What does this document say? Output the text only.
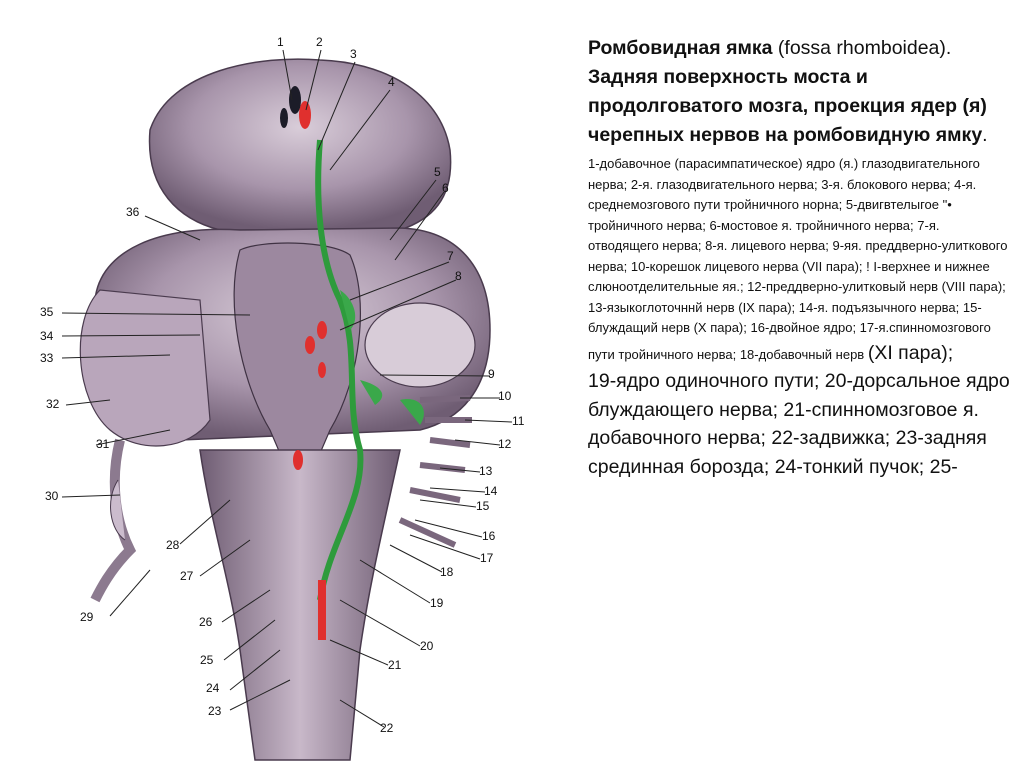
1	2
3
4
5
6
7
8
9
10
11
12
13
14
15
16
17
18
19
20
21
22
23
24
25
26
27
28
29
30
31
32
33
34
35
36

Ромбовидная ямка (fossa rhomboidea). Задняя поверхность моста и продолговатого мозга, проекция ядер (я)
черепных нервов на ромбовидную ямку.

1-добавочное (парасимпатическое) ядро (я.) глазодвигательного нерва; 2-я. глазодвигательного нерва; 3-я. блокового нерва; 4-я. среднемозгового пути тройничного норна; 5-двигвтелыгое "• тройничного нерва; 6-мостовое я. тройничного нерва; 7-я. отводящего нерва; 8-я. лицевого нерва; 9-яя. преддверно-улиткового нерва; 10-корешок лицевого нерва (VII пара); ! I-верхнее и нижнее слюноотделительные яя.; 12-преддверно-улитковый нерв (VIII пара); 13-языкоглоточннй нерв (IX пара); 14-я. подъязычного нерва; 15-блуждащий нерв (X пара); 16-двойное ядро; 17-я.спинномозгового пути тройничного нерва; 18-добавочный нерв (XI пара);
19-ядро одиночного пути; 20-дорсальное ядро блуждающего нерва; 21-спинномозговое я. добавочного нерва; 22-задвижка; 23-задняя срединная борозда; 24-тонкий пучок; 25-
